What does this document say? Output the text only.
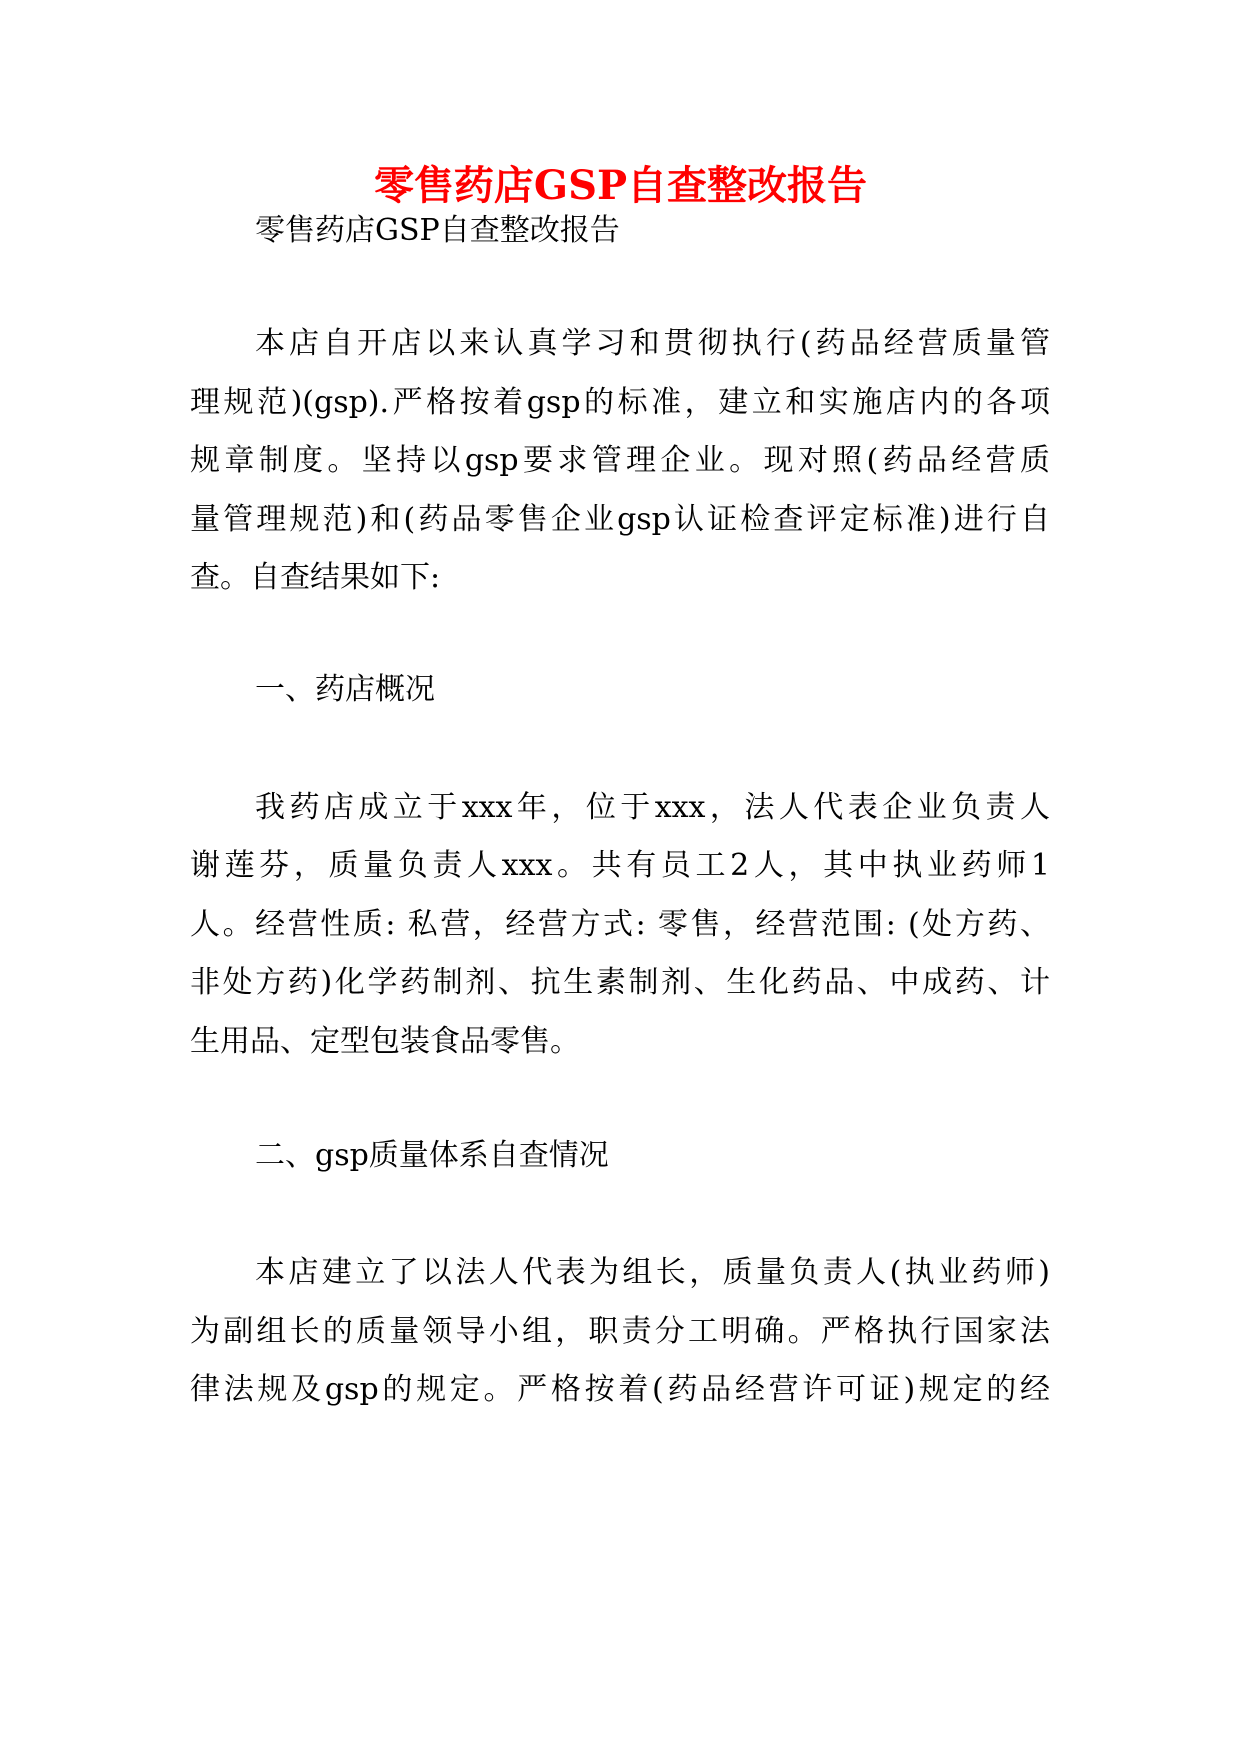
零售药店GSP自查整改报告
零售药店GSP自查整改报告
本店自开店以来认真学习和贯彻执行(药品经营质量管
理规范)(gsp).严格按着gsp的标准，建立和实施店内的各项
规章制度。坚持以gsp要求管理企业。现对照(药品经营质
量管理规范)和(药品零售企业gsp认证检查评定标准)进行自
查。自查结果如下:
一、药店概况
我药店成立于xxx年，位于xxx，法人代表企业负责人
谢莲芬，质量负责人xxx。共有员工2人，其中执业药师1
人。经营性质: 私营，经营方式: 零售，经营范围: (处方药、
非处方药)化学药制剂、抗生素制剂、生化药品、中成药、计
生用品、定型包装食品零售。
二、gsp质量体系自查情况
本店建立了以法人代表为组长，质量负责人(执业药师)
为副组长的质量领导小组，职责分工明确。严格执行国家法
律法规及gsp的规定。严格按着(药品经营许可证)规定的经
